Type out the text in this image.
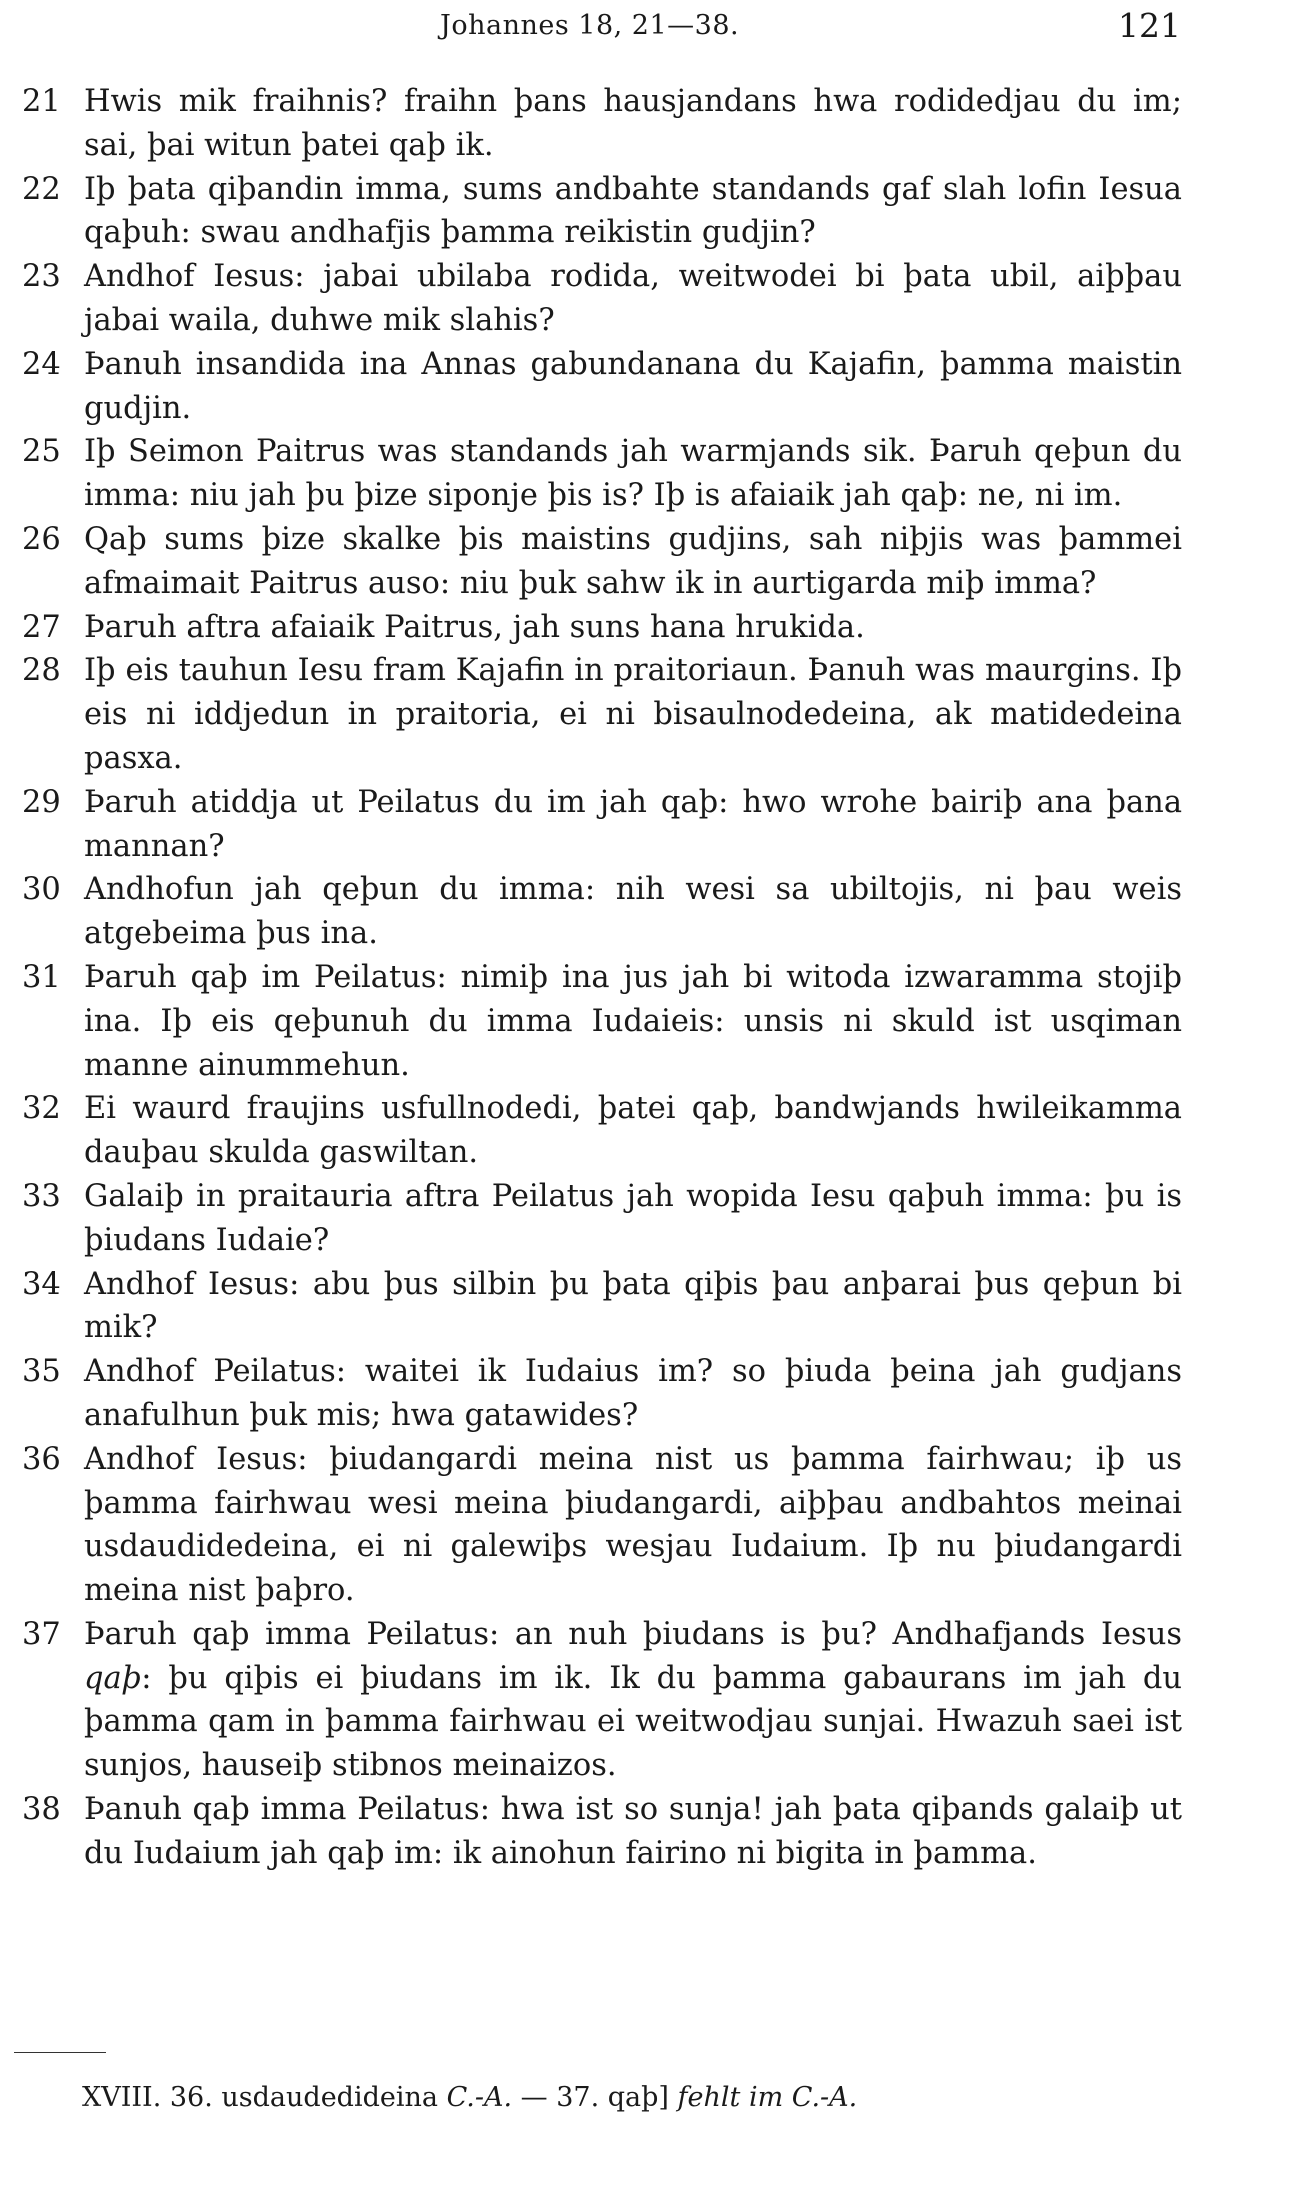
Johannes 18, 21—38.	121
21 Hwis mik fraihnis? fraihn þans hausjandans hwa rodidedjau du im; sai, þai witun þatei qaþ ik.
22 Iþ þata qiþandin imma, sums andbahte standands gaf slah lofin Iesua qaþuh: swau andhafjis þamma reikistin gudjin?
23 Andhof Iesus: jabai ubilaba rodida, weitwodei bi þata ubil, aiþþau jabai waila, duhwe mik slahis?
24 Þanuh insandida ina Annas gabundanana du Kajafin, þamma maistin gudjin.
25 Iþ Seimon Paitrus was standands jah warmjands sik. Þaruh qeþun du imma: niu jah þu þize siponje þis is? Iþ is afaiaik jah qaþ: ne, ni im.
26 Qaþ sums þize skalke þis maistins gudjins, sah niþjis was þammei afmaimait Paitrus auso: niu þuk sahw ik in aurtigarda miþ imma?
27 Þaruh aftra afaiaik Paitrus, jah suns hana hrukida.
28 Iþ eis tauhun Iesu fram Kajafin in praitoriaun. Þanuh was maurgins. Iþ eis ni iddjedun in praitoria, ei ni bisaulnodedeina, ak matidedeina pasxa.
29 Þaruh atiddja ut Peilatus du im jah qaþ: hwo wrohe bairiþ ana þana mannan?
30 Andhofun jah qeþun du imma: nih wesi sa ubiltojis, ni þau weis atgebeima þus ina.
31 Þaruh qaþ im Peilatus: nimiþ ina jus jah bi witoda izwaramma stojiþ ina. Iþ eis qeþunuh du imma Iudaieis: unsis ni skuld ist usqiman manne ainummehun.
32 Ei waurd fraujins usfullnodedi, þatei qaþ, bandwjands hwileikamma dauþau skulda gaswiltan.
33 Galaiþ in praitauria aftra Peilatus jah wopida Iesu qaþuh imma: þu is þiudans Iudaie?
34 Andhof Iesus: abu þus silbin þu þata qiþis þau anþarai þus qeþun bi mik?
35 Andhof Peilatus: waitei ik Iudaius im? so þiuda þeina jah gudjans anafulhun þuk mis; hwa gatawides?
36 Andhof Iesus: þiudangardi meina nist us þamma fairhwau; iþ us þamma fairhwau wesi meina þiudangardi, aiþþau andbahtos meinai usdaudidedeina, ei ni galewiþs wesjau Iudaium. Iþ nu þiudangardi meina nist þaþro.
37 Þaruh qaþ imma Peilatus: an nuh þiudans is þu? Andhafjands Iesus qaþ: þu qiþis ei þiudans im ik. Ik du þamma gabaurans im jah du þamma qam in þamma fairhwau ei weitwodjau sunjai. Hwazuh saei ist sunjos, hauseiþ stibnos meinaizos.
38 Þanuh qaþ imma Peilatus: hwa ist so sunja! jah þata qiþands galaiþ ut du Iudaium jah qaþ im: ik ainohun fairino ni bigita in þamma.
XVIII. 36. usdaudedideina C.-A. — 37. qaþ] fehlt im C.-A.
